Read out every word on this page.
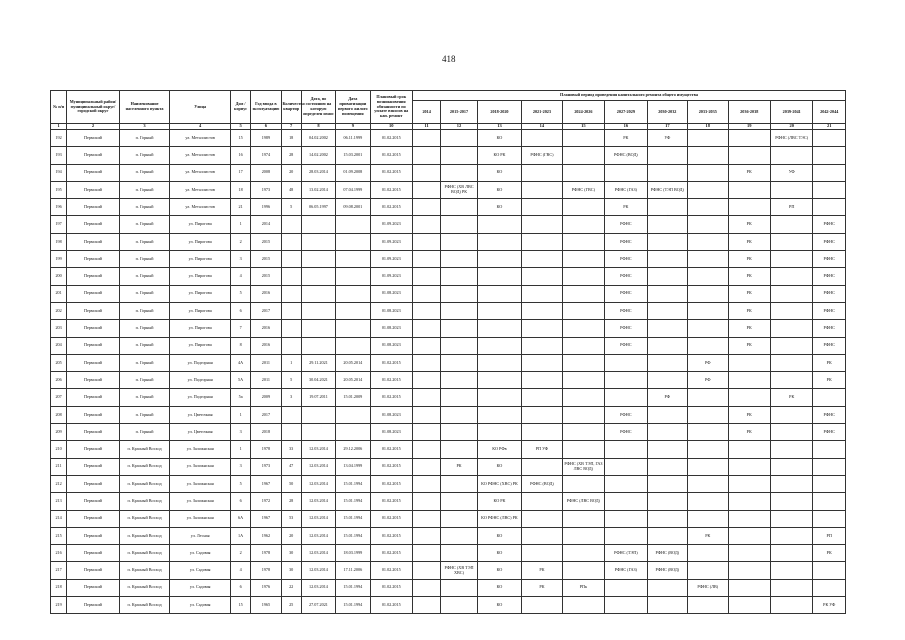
418
№ п/п	Муниципальный район/муниципальный округ/городской округ	Наименование населенного пункта	Улица	Дом / корпус	Год ввода в эксплуатацию	Количество квартир	Дата, по состоянию на которую определен износ	Дата приватизации первого жилого помещения	Плановый срок возникновения обязанности по уплате взносов на кап. ремонт	Плановый период проведения капитального ремонта общего имущества										
										2014	2015-2017	2018-2020	2021-2023	2024-2026	2027-2029	2030-2032	2033-2035	2036-2038	2039-2041	2042-2044
1	2	3	4	5	6	7	8	9	10	11	12	13	14	15	16	17	18	19	20	21
192	Пермский	п. Горный	ул. Металлистов	15	1989	18	04.02.2002	06.11.1999	01.02.2015			КО			РК	УФ			РФНС (ЛВС ТЭС)	
193	Пермский	п. Горный	ул. Металлистов	16	1974	28	14.02.2002	15.03.2001	01.02.2015			КО РК	РФНС (ГВС)		РФНС (ВОД)					
194	Пермский	п. Горный	ул. Металлистов	17	2008	20	28.03.2014	01.09.2008	01.02.2015			КО						РК	УФ	
195	Пермский	п. Горный	ул. Металлистов	18	1973	48	13.02.2014	07.04.1999	01.02.2015		РФНС (ХВ ЛВС ВОД) РК	КО		РФНС (ГВС)	РФНС (ГАЗ)	РФНС (ТЭП ВОД)				
196	Пермский	п. Горный	ул. Металлистов	21	1996	5	06.05.1997	09.08.2001	01.02.2015			КО			РК				РП	
197	Пермский	п. Горный	ул. Пирогова	1	2014				01.09.2023						РФНС			РК		РФНС
198	Пермский	п. Горный	ул. Пирогова	2	2015				01.09.2023						РФНС			РК		РФНС
199	Пермский	п. Горный	ул. Пирогова	3	2015				01.09.2023						РФНС			РК		РФНС
200	Пермский	п. Горный	ул. Пирогова	4	2015				01.09.2023						РФНС			РК		РФНС
201	Пермский	п. Горный	ул. Пирогова	5	2016				01.08.2023						РФНС			РК		РФНС
202	Пермский	п. Горный	ул. Пирогова	6	2017				01.08.2023						РФНС			РК		РФНС
203	Пермский	п. Горный	ул. Пирогова	7	2016				01.08.2023						РФНС			РК		РФНС
204	Пермский	п. Горный	ул. Пирогова	8	2016				01.08.2023						РФНС			РК		РФНС
205	Пермский	п. Горный	ул. Подгорная	4А	2011	1	29.11.2021	20.05.2014	01.02.2015								РФ			РК
206	Пермский	п. Горный	ул. Подгорная	5А	2011	5	30.04.2021	20.05.2014	01.02.2015								РФ			РК
207	Пермский	п. Горный	ул. Подгорная	5а	2009	3	19.07.2011	15.01.2009	01.02.2015							РФ			РК	
208	Пермский	п. Горный	ул. Цветочная	1	2017				01.08.2023						РФНС			РК		РФНС
209	Пермский	п. Горный	ул. Цветочная	3	2018				01.08.2023						РФНС			РК		РФНС
210	Пермский	п. Красный Восход	ул. Заложнская	1	1978	33	12.03.2014	29.12.2006	01.02.2015			КО РФв	РП УФ							
211	Пермский	п. Красный Восход	ул. Заложнская	3	1973	47	12.03.2014	13.04.1999	01.02.2015		РК	КО		РФНС (ХВ ТЭП, ГАЗ ЛВС ВОД)						
212	Пермский	п. Красный Восход	ул. Заложнская	5	1967	50	12.03.2014	15.01.1994	01.02.2015			КО РФНС (ХВС) РК	РФНС (ВОД)							
213	Пермский	п. Красный Восход	ул. Заложнская	6	1972	28	12.03.2014	15.01.1994	01.02.2015			КО РК		РФНС (ЛВС ВОД)						
214	Пермский	п. Красный Восход	ул. Заложнская	6А	1967	53	12.03.2014	15.01.1994	01.02.2015			КО РФНС (ЛВС) РК								
215	Пермский	п. Красный Восход	ул. Лесная	1А	1962	20	12.03.2014	15.01.1994	01.02.2015			КО					РК			РП
216	Пермский	п. Красный Восход	ул. Садовая	2	1978	30	12.03.2014	18.03.1999	01.02.2015			КО			РФНС (ТЭП)	РФНС (ВОД)				РК
217	Пермский	п. Красный Восход	ул. Садовая	4	1978	30	12.03.2014	17.11.2006	01.02.2015		РФНС (ХВ ТЭП ХВС)	КО	РК		РФНС (ГАЗ)	РФНС (ВОД)				
218	Пермский	п. Красный Восход	ул. Садовая	6	1976	22	12.03.2014	15.01.1994	01.02.2015			КО	РК	РПк			РФНС (ЛВ)			
219	Пермский	п. Красный Восход	ул. Садовая	15	1965	25	27.07.2021	15.01.1994	01.02.2015			КО								РК УФ
